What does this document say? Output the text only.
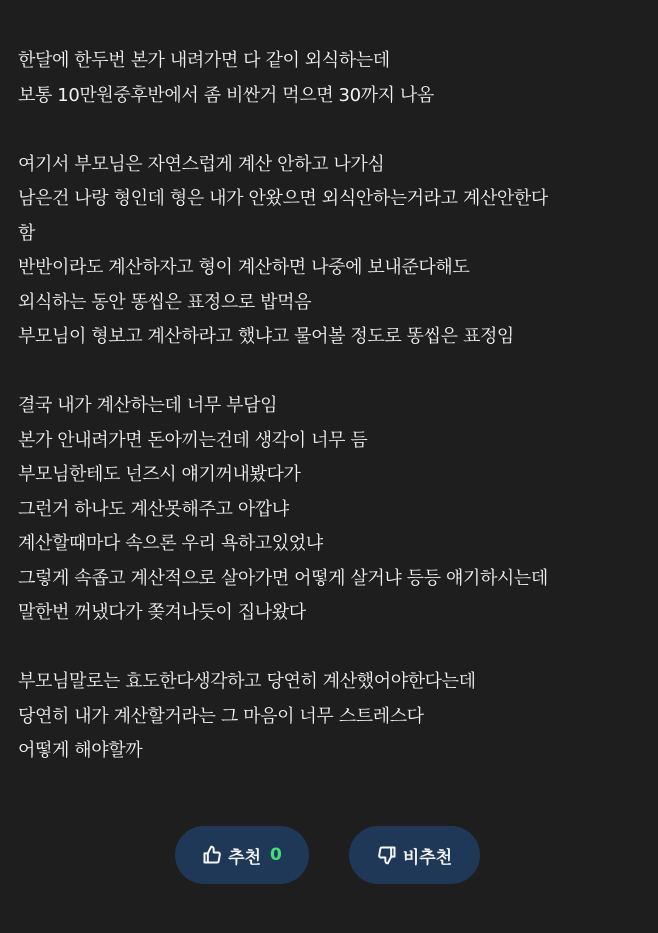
한달에 한두번 본가 내려가면 다 같이 외식하는데
보통 10만원중후반에서 좀 비싼거 먹으면 30까지 나옴
여기서 부모님은 자연스럽게 계산 안하고 나가심
남은건 나랑 형인데 형은 내가 안왔으면 외식안하는거라고 계산안한다
함
반반이라도 계산하자고 형이 계산하면 나중에 보내준다해도
외식하는 동안 똥씹은 표정으로 밥먹음
부모님이 형보고 계산하라고 했냐고 물어볼 정도로 똥씹은 표정임
결국 내가 계산하는데 너무 부담임
본가 안내려가면 돈아끼는건데 생각이 너무 듬
부모님한테도 넌즈시 얘기꺼내봤다가
그런거 하나도 계산못해주고 아깝냐
계산할때마다 속으론 우리 욕하고있었냐
그렇게 속좁고 계산적으로 살아가면 어떻게 살거냐 등등 얘기하시는데
말한번 꺼냈다가 쫒겨나듯이 집나왔다
부모님말로는 효도한다생각하고 당연히 계산했어야한다는데
당연히 내가 계산할거라는 그 마음이 너무 스트레스다
어떻게 해야할까
추천 0	비추천
